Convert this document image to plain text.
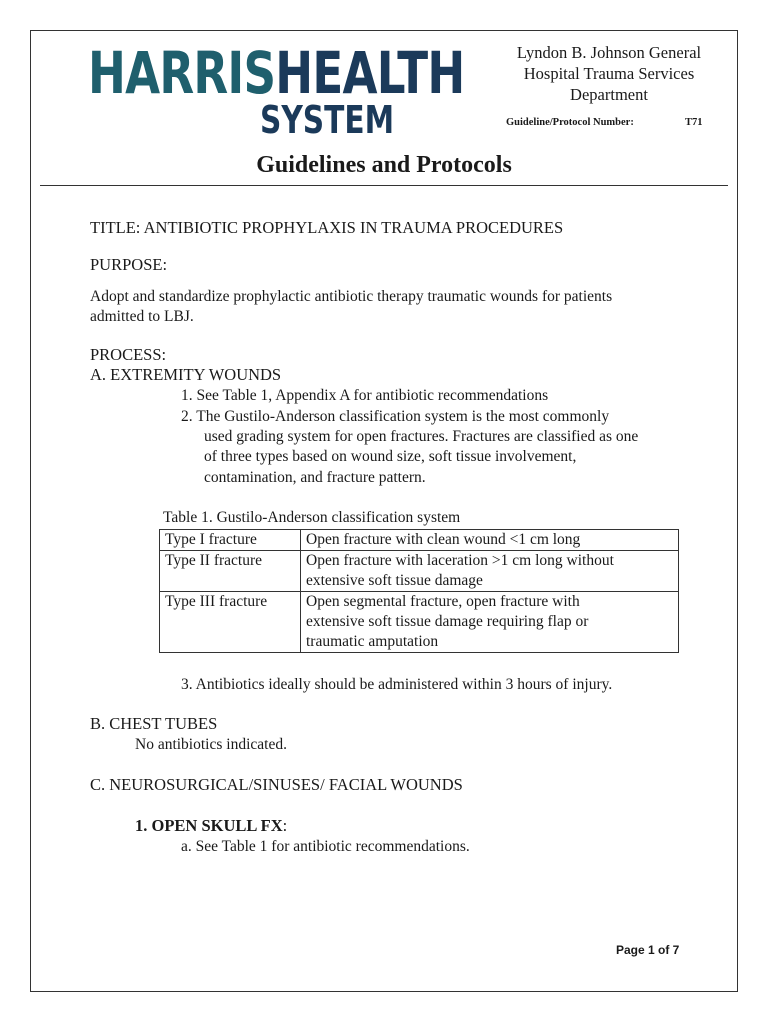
HARRISHEALTH
SYSTEM
Lyndon B. Johnson General
Hospital Trauma Services
Department
Guideline/Protocol Number:	T71
Guidelines and Protocols
TITLE: ANTIBIOTIC PROPHYLAXIS IN TRAUMA PROCEDURES
PURPOSE:
Adopt and standardize prophylactic antibiotic therapy traumatic wounds for patients
admitted to LBJ.
PROCESS:
A. EXTREMITY WOUNDS
1. See Table 1, Appendix A for antibiotic recommendations
2. The Gustilo-Anderson classification system is the most commonly
used grading system for open fractures. Fractures are classified as one
of three types based on wound size, soft tissue involvement,
contamination, and fracture pattern.
Table 1. Gustilo-Anderson classification system
Type I fracture	Open fracture with clean wound <1 cm long

Type II fracture	Open fracture with laceration >1 cm long without
extensive soft tissue damage

Type III fracture	Open segmental fracture, open fracture with
extensive soft tissue damage requiring flap or
traumatic amputation
3. Antibiotics ideally should be administered within 3 hours of injury.
B. CHEST TUBES
No antibiotics indicated.
C. NEUROSURGICAL/SINUSES/ FACIAL WOUNDS
1. OPEN SKULL FX:
a. See Table 1 for antibiotic recommendations.
Page 1 of 7
